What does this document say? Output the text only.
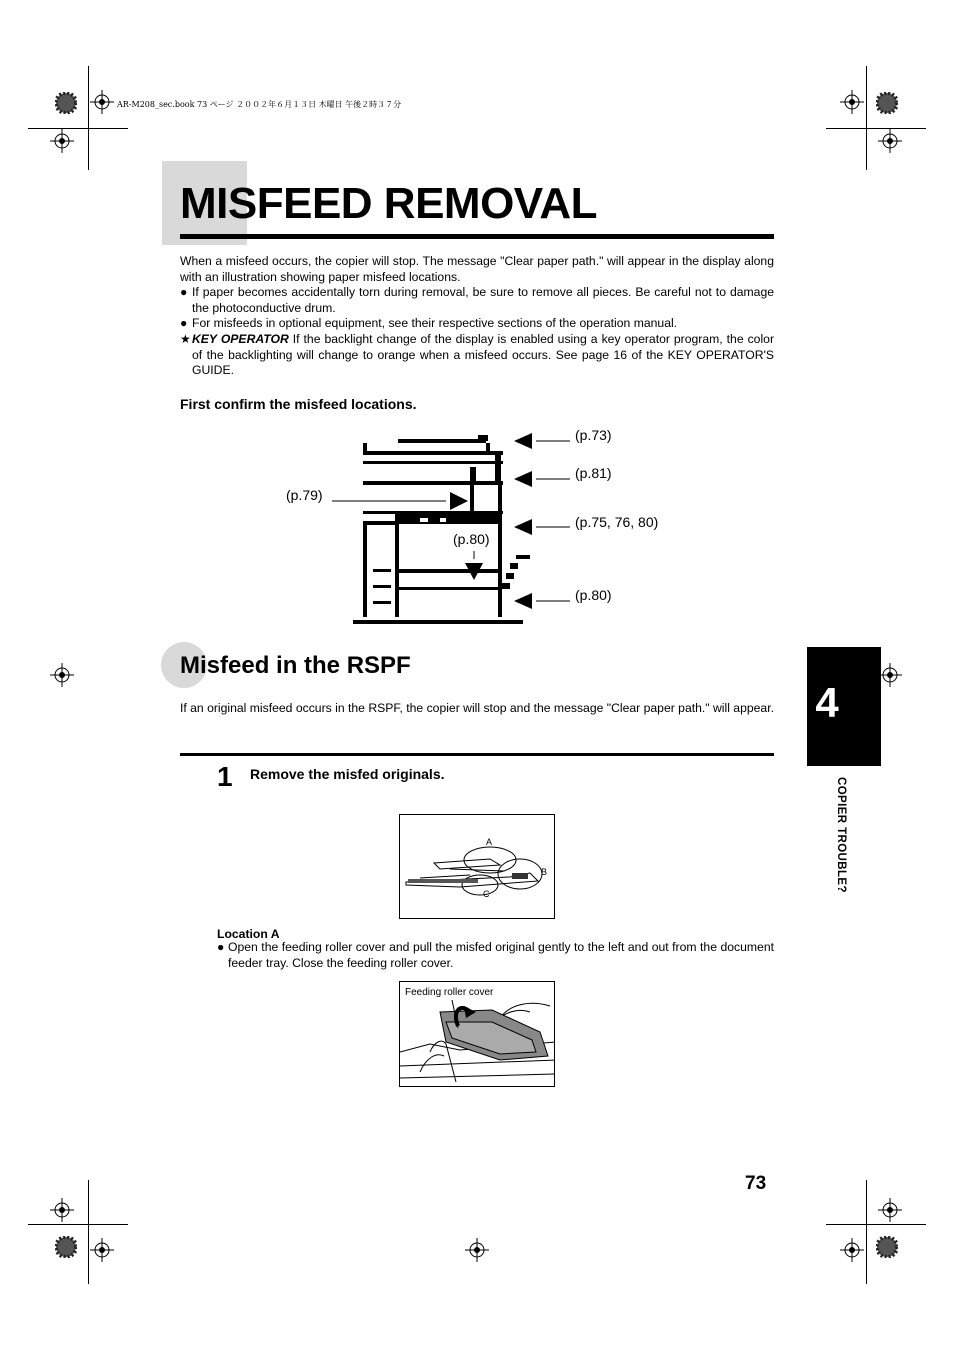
AR-M208_sec.book 73 ページ ２００２年６月１３日 木曜日 午後２時３７分
MISFEED REMOVAL

When a misfeed occurs, the copier will stop. The message "Clear paper path." will appear in the display along with an illustration showing paper misfeed locations.

● If paper becomes accidentally torn during removal, be sure to remove all pieces. Be careful not to damage the photoconductive drum.
● For misfeeds in optional equipment, see their respective sections of the operation manual.
★ KEY OPERATOR If the backlight change of the display is enabled using a key operator program, the color of the backlighting will change to orange when a misfeed occurs. See page 16 of the KEY OPERATOR'S GUIDE.
First confirm the misfeed locations.
(p.73)
(p.81)
(p.79)
(p.75, 76, 80)
(p.80)
(p.80)
Misfeed in the RSPF

If an original misfeed occurs in the RSPF, the copier will stop and the message "Clear paper path." will appear.

1 Remove the misfed originals.
A
B
C
Location A
● Open the feeding roller cover and pull the misfed original gently to the left and out from the document feeder tray. Close the feeding roller cover.
Feeding roller cover
4
COPIER TROUBLE?
73
